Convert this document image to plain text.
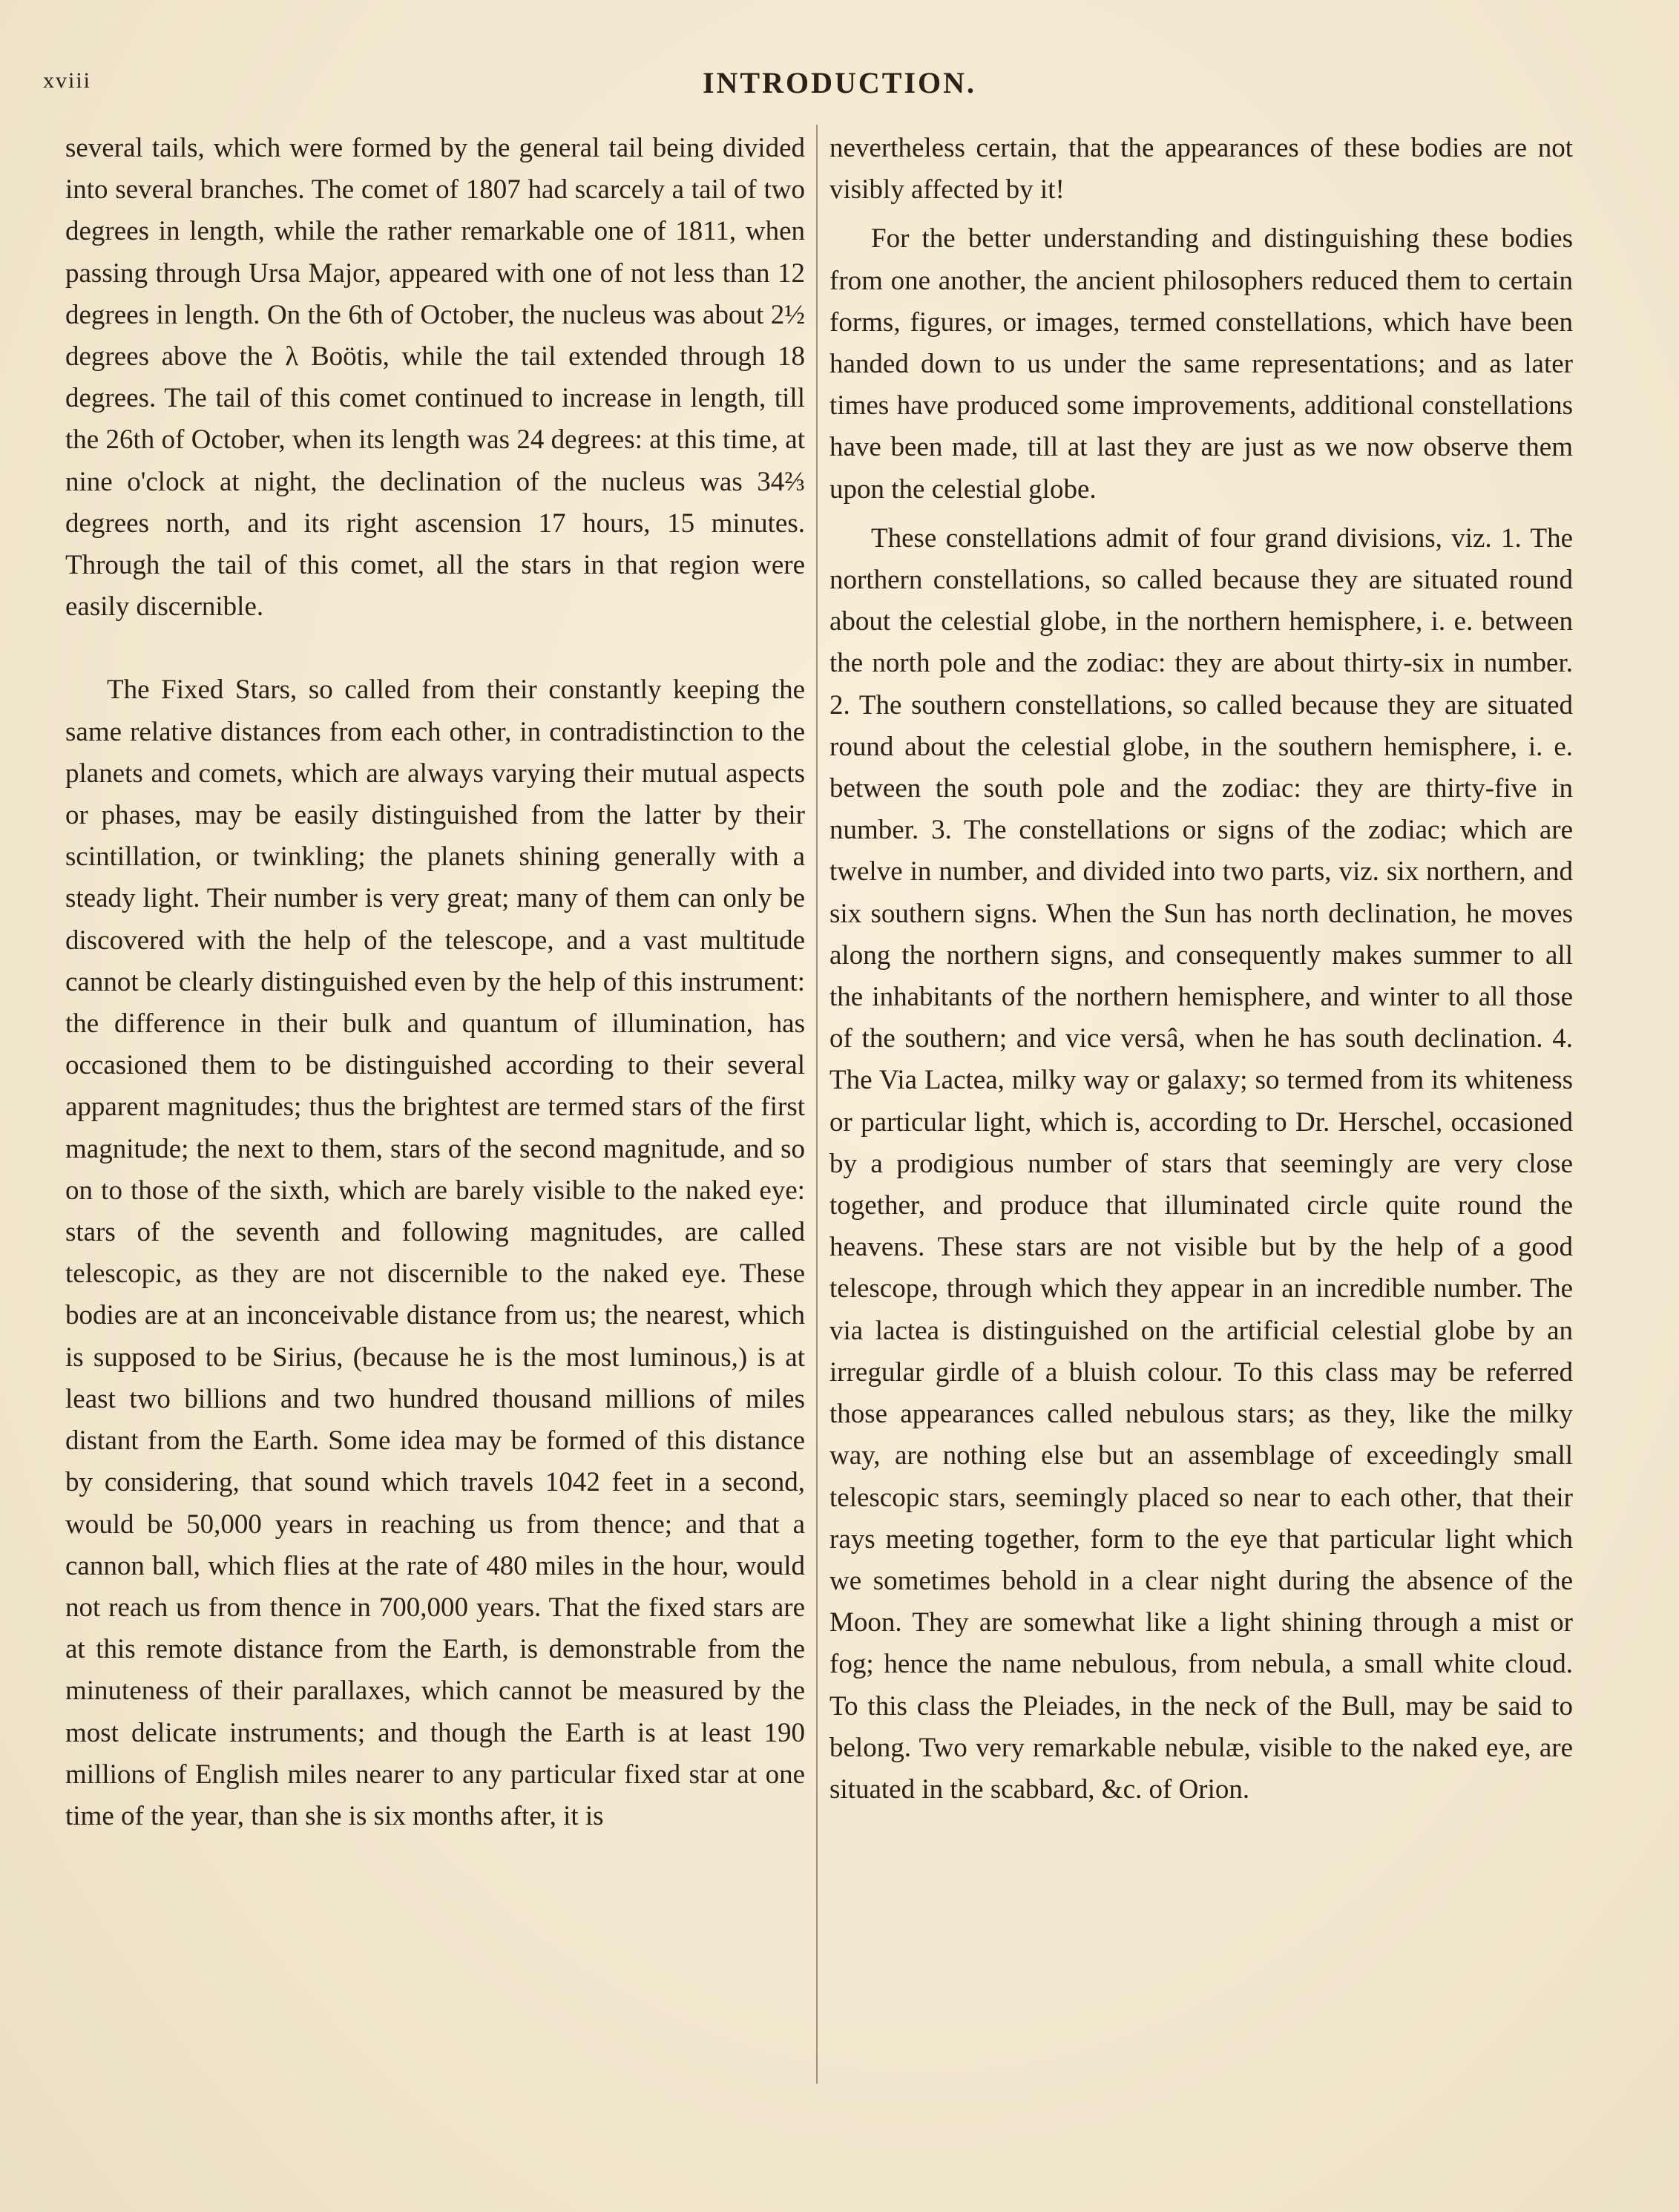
xviii	INTRODUCTION.

several tails, which were formed by the general tail being divided into several branches. The comet of 1807 had scarcely a tail of two degrees in length, while the rather remarkable one of 1811, when passing through Ursa Major, appeared with one of not less than 12 degrees in length. On the 6th of October, the nucleus was about 2½ degrees above the λ Boötis, while the tail extended through 18 degrees. The tail of this comet continued to increase in length, till the 26th of October, when its length was 24 degrees: at this time, at nine o'clock at night, the declination of the nucleus was 34⅔ degrees north, and its right ascension 17 hours, 15 minutes. Through the tail of this comet, all the stars in that region were easily discernible.

The Fixed Stars, so called from their constantly keeping the same relative distances from each other, in contradistinction to the planets and comets, which are always varying their mutual aspects or phases, may be easily distinguished from the latter by their scintillation, or twinkling; the planets shining generally with a steady light. Their number is very great; many of them can only be discovered with the help of the telescope, and a vast multitude cannot be clearly distinguished even by the help of this instrument: the difference in their bulk and quantum of illumination, has occasioned them to be distinguished according to their several apparent magnitudes; thus the brightest are termed stars of the first magnitude; the next to them, stars of the second magnitude, and so on to those of the sixth, which are barely visible to the naked eye: stars of the seventh and following magnitudes, are called telescopic, as they are not discernible to the naked eye. These bodies are at an inconceivable distance from us; the nearest, which is supposed to be Sirius, (because he is the most luminous,) is at least two billions and two hundred thousand millions of miles distant from the Earth. Some idea may be formed of this distance by considering, that sound which travels 1042 feet in a second, would be 50,000 years in reaching us from thence; and that a cannon ball, which flies at the rate of 480 miles in the hour, would not reach us from thence in 700,000 years. That the fixed stars are at this remote distance from the Earth, is demonstrable from the minuteness of their parallaxes, which cannot be measured by the most delicate instruments; and though the Earth is at least 190 millions of English miles nearer to any particular fixed star at one time of the year, than she is six months after, it is

nevertheless certain, that the appearances of these bodies are not visibly affected by it!

For the better understanding and distinguishing these bodies from one another, the ancient philosophers reduced them to certain forms, figures, or images, termed constellations, which have been handed down to us under the same representations; and as later times have produced some improvements, additional constellations have been made, till at last they are just as we now observe them upon the celestial globe.

These constellations admit of four grand divisions, viz. 1. The northern constellations, so called because they are situated round about the celestial globe, in the northern hemisphere, i. e. between the north pole and the zodiac: they are about thirty-six in number. 2. The southern constellations, so called because they are situated round about the celestial globe, in the southern hemisphere, i. e. between the south pole and the zodiac: they are thirty-five in number. 3. The constellations or signs of the zodiac; which are twelve in number, and divided into two parts, viz. six northern, and six southern signs. When the Sun has north declination, he moves along the northern signs, and consequently makes summer to all the inhabitants of the northern hemisphere, and winter to all those of the southern; and vice versâ, when he has south declination. 4. The Via Lactea, milky way or galaxy; so termed from its whiteness or particular light, which is, according to Dr. Herschel, occasioned by a prodigious number of stars that seemingly are very close together, and produce that illuminated circle quite round the heavens. These stars are not visible but by the help of a good telescope, through which they appear in an incredible number. The via lactea is distinguished on the artificial celestial globe by an irregular girdle of a bluish colour. To this class may be referred those appearances called nebulous stars; as they, like the milky way, are nothing else but an assemblage of exceedingly small telescopic stars, seemingly placed so near to each other, that their rays meeting together, form to the eye that particular light which we sometimes behold in a clear night during the absence of the Moon. They are somewhat like a light shining through a mist or fog; hence the name nebulous, from nebula, a small white cloud. To this class the Pleiades, in the neck of the Bull, may be said to belong. Two very remarkable nebulæ, visible to the naked eye, are situated in the scabbard, &c. of Orion.
